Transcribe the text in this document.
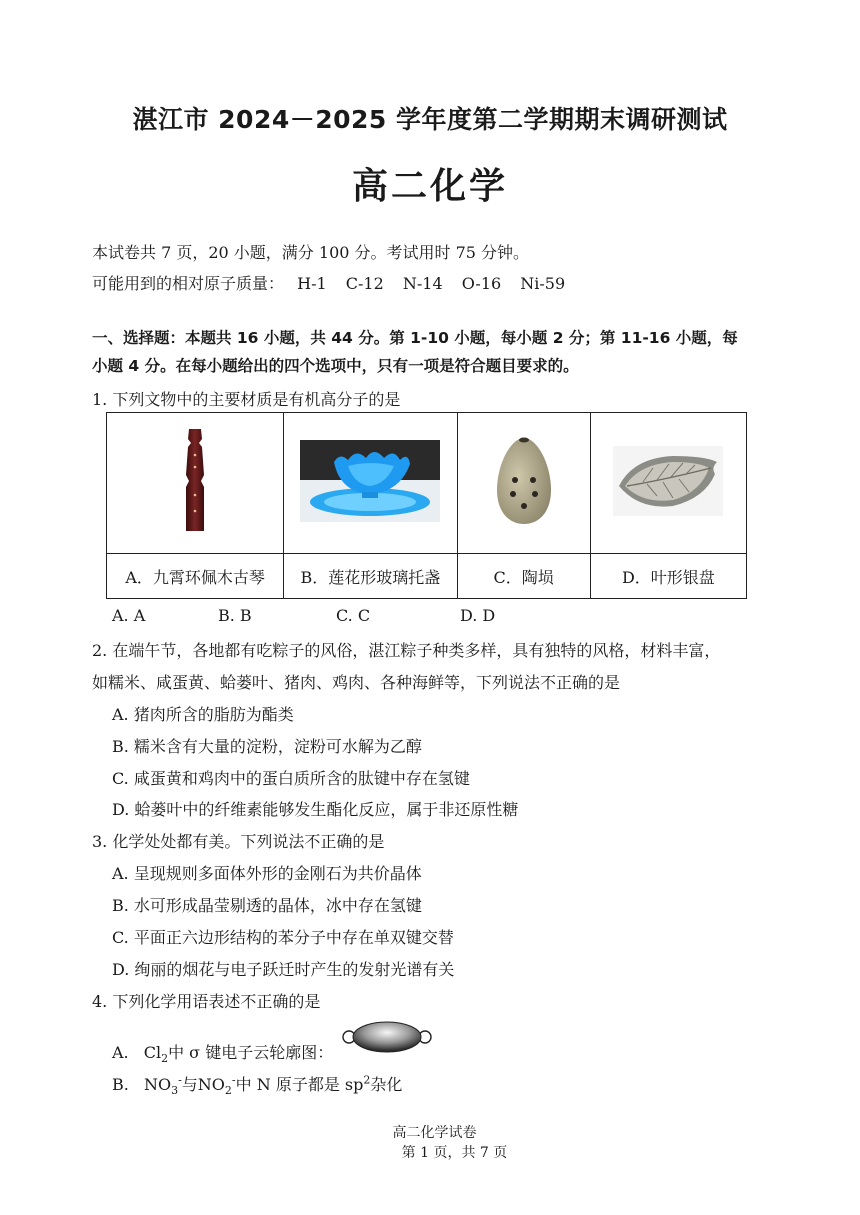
湛江市 2024－2025 学年度第二学期期末调研测试
高二化学
本试卷共 7 页，20 小题，满分 100 分。考试用时 75 分钟。
可能用到的相对原子质量： H-1 C-12 N-14 O-16 Ni-59
一、选择题：本题共 16 小题，共 44 分。第 1-10 小题，每小题 2 分；第 11-16 小题，每
小题 4 分。在每小题给出的四个选项中，只有一项是符合题目要求的。
1. 下列文物中的主要材质是有机高分子的是

A．九霄环佩木古琴	B．莲花形玻璃托盏	C．陶埙	D．叶形银盘
A. A	B. B	C. C	D. D
2. 在端午节，各地都有吃粽子的风俗，湛江粽子种类多样，具有独特的风格，材料丰富，
如糯米、咸蛋黄、蛤蒌叶、猪肉、鸡肉、各种海鲜等，下列说法不正确的是
A. 猪肉所含的脂肪为酯类
B. 糯米含有大量的淀粉，淀粉可水解为乙醇
C. 咸蛋黄和鸡肉中的蛋白质所含的肽键中存在氢键
D. 蛤蒌叶中的纤维素能够发生酯化反应，属于非还原性糖
3. 化学处处都有美。下列说法不正确的是
A. 呈现规则多面体外形的金刚石为共价晶体
B. 水可形成晶莹剔透的晶体，冰中存在氢键
C. 平面正六边形结构的苯分子中存在单双键交替
D. 绚丽的烟花与电子跃迁时产生的发射光谱有关
4. 下列化学用语表述不正确的是
A. $Cl_2$中 σ 键电子云轮廓图：
B. $NO_3^-$与$NO_2^-$中 N 原子都是 $sp^2$杂化

高二化学试卷
第 1 页，共 7 页
